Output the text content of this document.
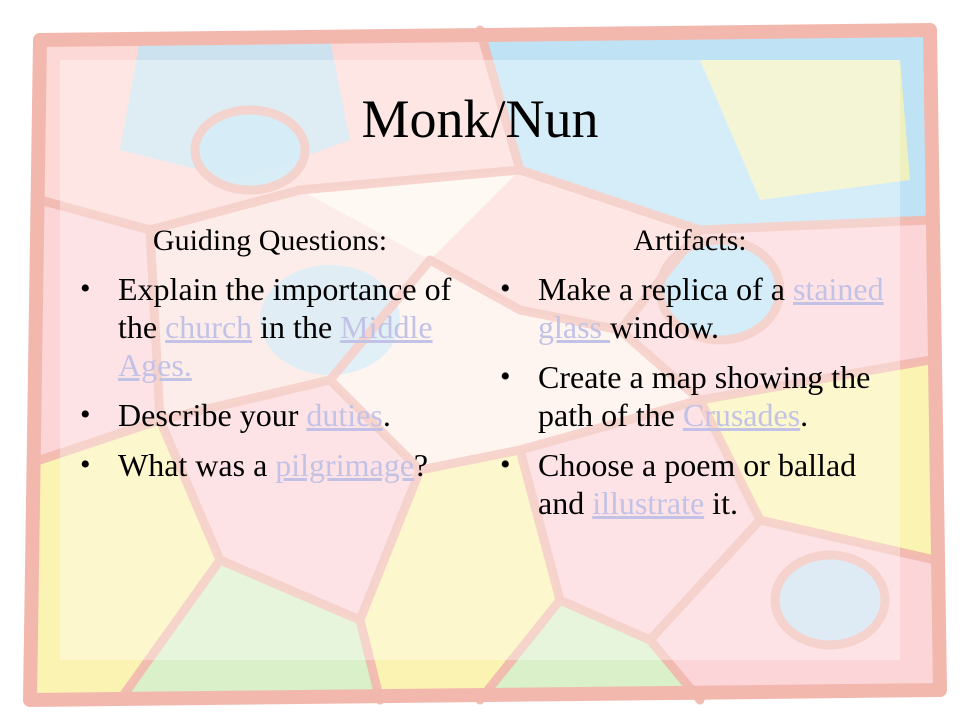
Monk/Nun
Guiding Questions:
• Explain the importance of the church in the Middle Ages.
• Describe your duties.
• What was a pilgrimage?
Artifacts:
• Make a replica of a stained glass window.
• Create a map showing the path of the Crusades.
• Choose a poem or ballad and illustrate it.
